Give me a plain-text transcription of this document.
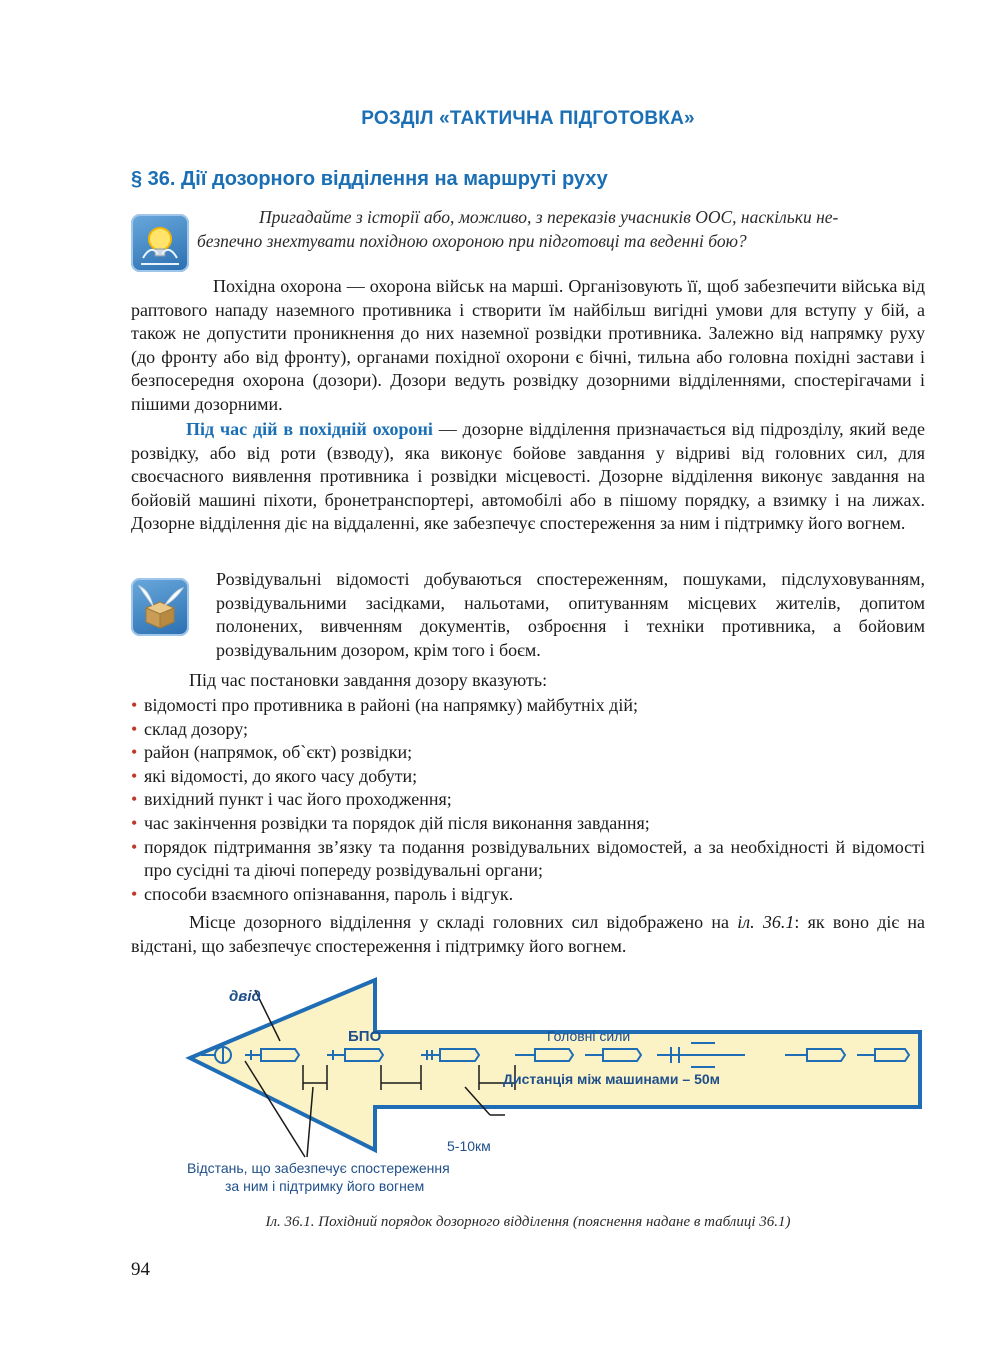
РОЗДІЛ «ТАКТИЧНА ПІДГОТОВКА»
§ 36. Дії дозорного відділення на маршруті руху
Пригадайте з історії або, можливо, з переказів учасників ООС, наскільки не-
безпечно знехтувати похідною охороною при підготовці та веденні бою?
Похідна охорона — охорона військ на марші. Організовують її, щоб забезпечити війська від раптового нападу наземного противника і створити їм найбільш вигідні умови для вступу у бій, а також не допустити проникнення до них наземної розвідки противника. Залежно від напрямку руху (до фронту або від фронту), органами похідної охорони є бічні, тильна або головна похідні застави і безпосередня охорона (дозори). Дозори ведуть розвідку дозорними відділеннями, спостерігачами і пішими дозорними.
Під час дій в похідній охороні — дозорне відділення призначається від підрозділу, який веде розвідку, або від роти (взводу), яка виконує бойове завдання у відриві від головних сил, для своєчасного виявлення противника і розвідки місцевості. Дозорне відділення виконує завдання на бойовій машині піхоти, бронетранспортері, автомобілі або в пішому порядку, а взимку і на лижах. Дозорне відділення діє на віддаленні, яке забезпечує спостереження за ним і підтримку його вогнем.
Розвідувальні відомості добуваються спостереженням, пошуками, підслуховуванням, розвідувальними засідками, нальотами, опитуванням місцевих жителів, допитом полонених, вивченням документів, озброєння і техніки противника, а бойовим розвідувальним дозором, крім того і боєм.
Під час постановки завдання дозору вказують:
• відомості про противника в районі (на напрямку) майбутніх дій;
• склад дозору;
• район (напрямок, об`єкт) розвідки;
• які відомості, до якого часу добути;
• вихідний пункт і час його проходження;
• час закінчення розвідки та порядок дій після виконання завдання;
• порядок підтримання зв’язку та подання розвідувальних відомостей, а за необхідності й відомості про сусідні та діючі попереду розвідувальні органи;
• способи взаємного опізнавання, пароль і відгук.
Місце дозорного відділення у складі головних сил відображено на іл. 36.1: як воно діє на відстані, що забезпечує спостереження і підтримку його вогнем.
двід
БПО	Головні сили
Дистанція між машинами – 50м
5-10км
Відстань, що забезпечує спостереження
за ним і підтримку його вогнем
Іл. 36.1. Похідний порядок дозорного відділення (пояснення надане в таблиці 36.1)
94
